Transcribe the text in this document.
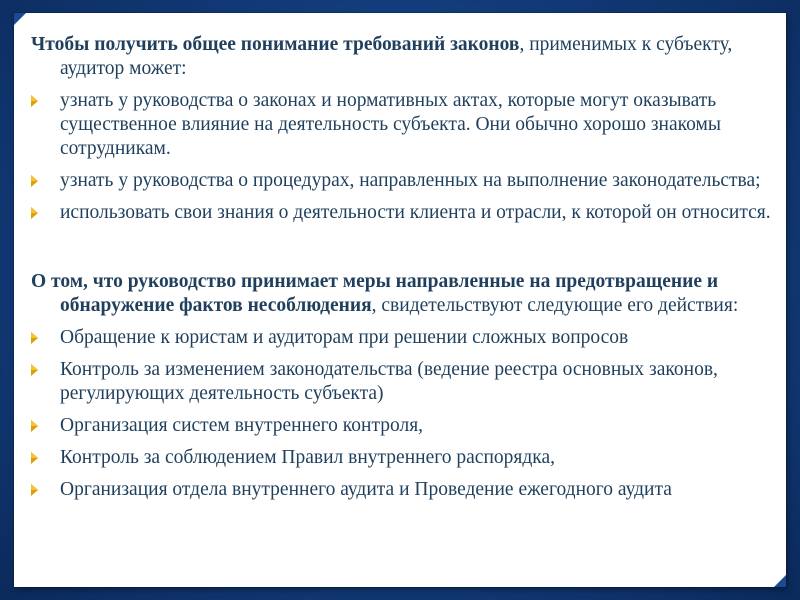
Чтобы получить общее понимание требований законов, применимых к субъекту, аудитор может:

узнать у руководства о законах и нормативных актах, которые могут оказывать существенное влияние на деятельность субъекта. Они обычно хорошо знакомы сотрудникам.
узнать у руководства о процедурах, направленных на выполнение законодательства;
использовать свои знания о деятельности клиента и отрасли, к которой он относится.

О том, что руководство принимает меры направленные на предотвращение и обнаружение фактов несоблюдения, свидетельствуют следующие его действия:

Обращение к юристам и аудиторам при решении сложных вопросов
Контроль за изменением законодательства (ведение реестра основных законов, регулирующих деятельность субъекта)
Организация систем внутреннего контроля,
Контроль за соблюдением Правил внутреннего распорядка,
Организация отдела внутреннего аудита и Проведение ежегодного аудита
